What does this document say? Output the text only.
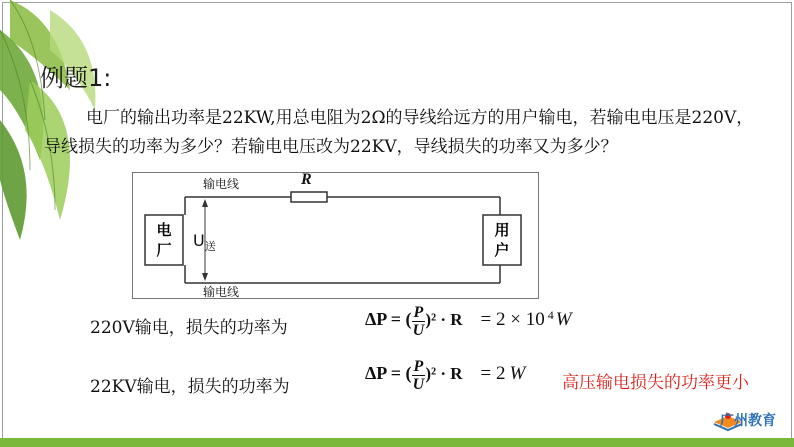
例题1:
电厂的输出功率是22KW,用总电阻为2Ω的导线给远方的用户输电，若输电电压是220V，导线损失的功率为多少？若输电电压改为22KV，导线损失的功率又为多少？
输电线	R
输电线
$U_送$
电
厂
用
户
220V输电，损失的功率为	ΔP = ( $\frac{P}{U} )^2 \cdot R = 2 \times 10$ $^4$ W
22KV输电，损失的功率为
ΔP = ( $\frac{P}{U} )^2 \cdot R = 2$ W 高压输电损失的功率更小
广州教育
